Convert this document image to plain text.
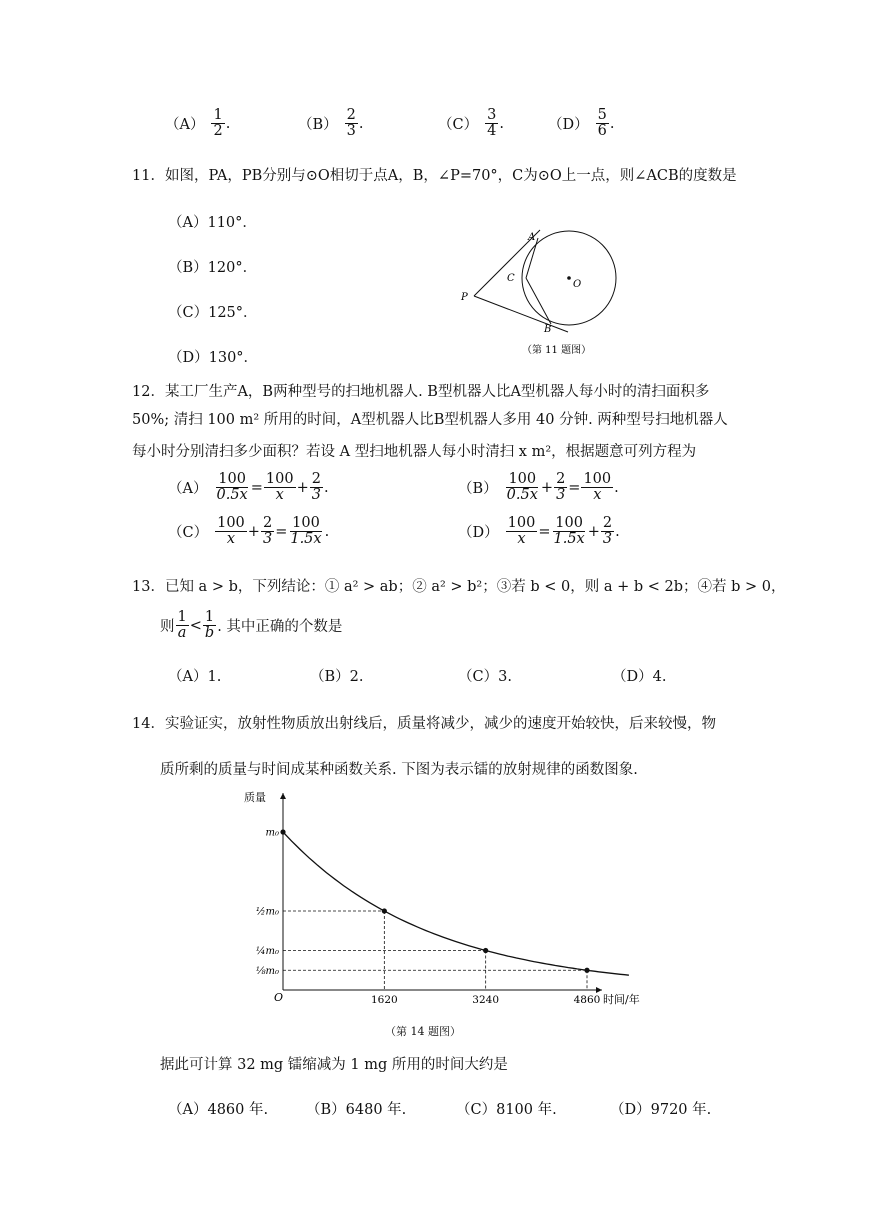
$(A) \frac{1}{2}$ .	$(B) \frac{2}{3}$ .	$(C) \frac{3}{4}$ .	$(D) \frac{5}{6}$ .
11．如图，PA，PB分别与⊙O相切于点A，B，∠P=70°，C为⊙O上一点，则∠ACB的度数是
（A）110°．
（B）120°．
（C）125°．
（D）130°．
A
C
O
P
B
（第 11 题图）
12．某工厂生产A，B两种型号的扫地机器人. B型机器人比A型机器人每小时的清扫面积多
50%; 清扫 100 m² 所用的时间，A型机器人比B型机器人多用 40 分钟. 两种型号扫地机器人
每小时分别清扫多少面积？若设 A 型扫地机器人每小时清扫 x m²，根据题意可列方程为
$(A) \frac{100}{0.5x} = \frac{100}{x} + \frac{2}{3}$ .	$(B) \frac{100}{0.5x} + \frac{2}{3} = \frac{100}{x}$ .
$(C) \frac{100}{x} + \frac{2}{3} = \frac{100}{1.5x}$ .	$(D) \frac{100}{x} = \frac{100}{1.5x} + \frac{2}{3}$ .
13．已知 a > b，下列结论：① a² > ab；② a² > b²；③若 b < 0，则 a + b < 2b；④若 b > 0，
则 $\frac{1}{a} < \frac{1}{b}$ . 其中正确的个数是
（A）1.	（B）2.	（C）3.	（D）4.
14．实验证实，放射性物质放出射线后，质量将减少，减少的速度开始较快，后来较慢，物
质所剩的质量与时间成某种函数关系. 下图为表示镭的放射规律的函数图象.
质量
时间/年
O	1620	3240	4860
m₀
½m₀
¼m₀
⅛m₀
（第 14 题图）
据此可计算 32 mg 镭缩减为 1 mg 所用的时间大约是
（A）4860 年.	（B）6480 年.	（C）8100 年.	（D）9720 年.
